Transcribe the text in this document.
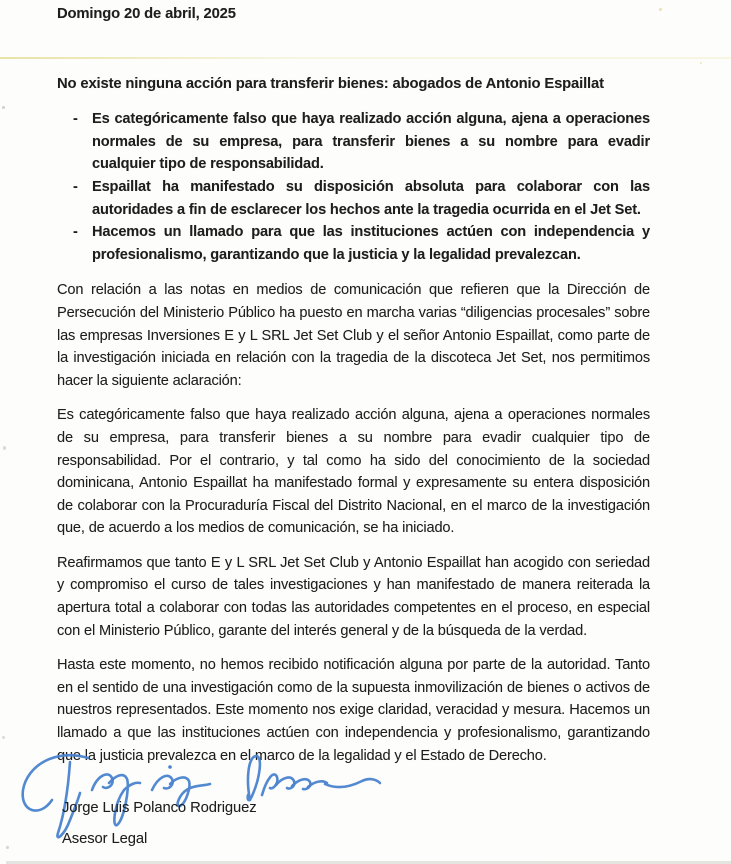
Domingo 20 de abril, 2025
No existe ninguna acción para transferir bienes: abogados de Antonio Espaillat
- Es categóricamente falso que haya realizado acción alguna, ajena a operaciones normales de su empresa, para transferir bienes a su nombre para evadir cualquier tipo de responsabilidad.
- Espaillat ha manifestado su disposición absoluta para colaborar con las autoridades a fin de esclarecer los hechos ante la tragedia ocurrida en el Jet Set.
- Hacemos un llamado para que las instituciones actúen con independencia y profesionalismo, garantizando que la justicia y la legalidad prevalezcan.

Con relación a las notas en medios de comunicación que refieren que la Dirección de Persecución del Ministerio Público ha puesto en marcha varias “diligencias procesales” sobre las empresas Inversiones E y L SRL Jet Set Club y el señor Antonio Espaillat, como parte de la investigación iniciada en relación con la tragedia de la discoteca Jet Set, nos permitimos hacer la siguiente aclaración:

Es categóricamente falso que haya realizado acción alguna, ajena a operaciones normales de su empresa, para transferir bienes a su nombre para evadir cualquier tipo de responsabilidad. Por el contrario, y tal como ha sido del conocimiento de la sociedad dominicana, Antonio Espaillat ha manifestado formal y expresamente su entera disposición de colaborar con la Procuraduría Fiscal del Distrito Nacional, en el marco de la investigación que, de acuerdo a los medios de comunicación, se ha iniciado.

Reafirmamos que tanto E y L SRL Jet Set Club y Antonio Espaillat han acogido con seriedad y compromiso el curso de tales investigaciones y han manifestado de manera reiterada la apertura total a colaborar con todas las autoridades competentes en el proceso, en especial con el Ministerio Público, garante del interés general y de la búsqueda de la verdad.

Hasta este momento, no hemos recibido notificación alguna por parte de la autoridad. Tanto en el sentido de una investigación como de la supuesta inmovilización de bienes o activos de nuestros representados. Este momento nos exige claridad, veracidad y mesura. Hacemos un llamado a que las instituciones actúen con independencia y profesionalismo, garantizando que la justicia prevalezca en el marco de la legalidad y el Estado de Derecho.

Jorge Luis Polanco Rodriguez
Asesor Legal
